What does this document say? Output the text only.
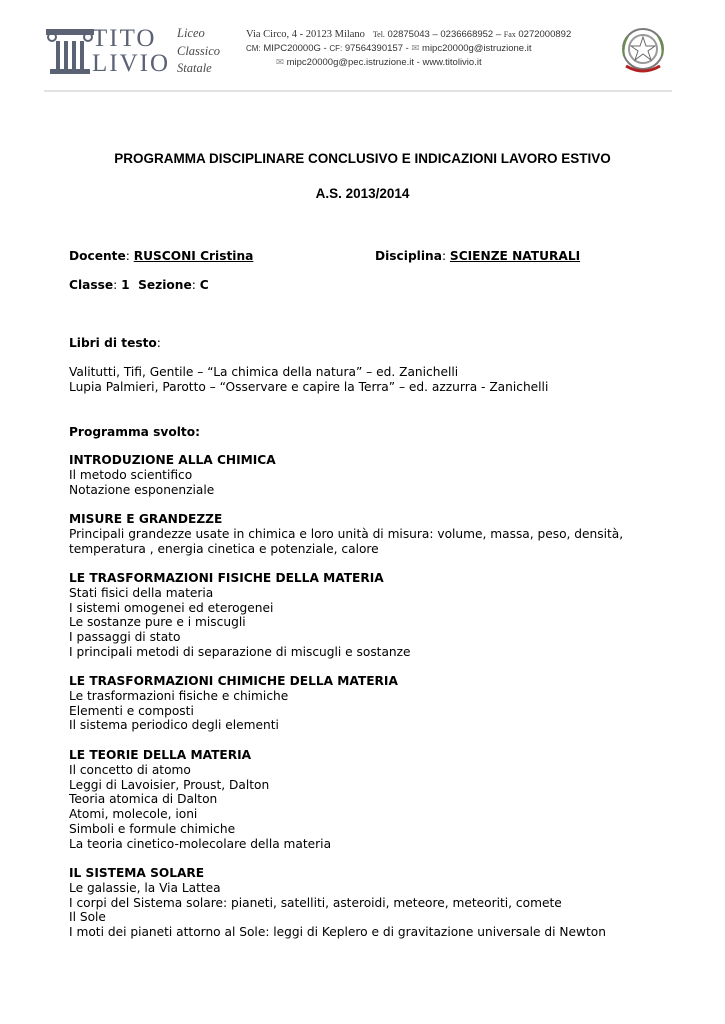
TITO
LIVIO
Liceo
Classico
Statale
Via Circo, 4 - 20123 Milano Tel. 02875043 – 0236668952 – Fax 0272000892
CM: MIPC20000G - CF: 97564390157 - ✉ mipc20000g@istruzione.it
✉ mipc20000g@pec.istruzione.it - www.titolivio.it
PROGRAMMA DISCIPLINARE CONCLUSIVO E INDICAZIONI LAVORO ESTIVO
A.S. 2013/2014
Docente: RUSCONI Cristina	Disciplina: SCIENZE NATURALI
Classe: 1 Sezione: C
Libri di testo:
Valitutti, Tifi, Gentile – “La chimica della natura” – ed. Zanichelli
Lupia Palmieri, Parotto – “Osservare e capire la Terra” – ed. azzurra - Zanichelli
Programma svolto:
INTRODUZIONE ALLA CHIMICA
Il metodo scientifico
Notazione esponenziale
MISURE E GRANDEZZE
Principali grandezze usate in chimica e loro unità di misura: volume, massa, peso, densità,
temperatura , energia cinetica e potenziale, calore
LE TRASFORMAZIONI FISICHE DELLA MATERIA
Stati fisici della materia
I sistemi omogenei ed eterogenei
Le sostanze pure e i miscugli
I passaggi di stato
I principali metodi di separazione di miscugli e sostanze
LE TRASFORMAZIONI CHIMICHE DELLA MATERIA
Le trasformazioni fisiche e chimiche
Elementi e composti
Il sistema periodico degli elementi
LE TEORIE DELLA MATERIA
Il concetto di atomo
Leggi di Lavoisier, Proust, Dalton
Teoria atomica di Dalton
Atomi, molecole, ioni
Simboli e formule chimiche
La teoria cinetico-molecolare della materia
IL SISTEMA SOLARE
Le galassie, la Via Lattea
I corpi del Sistema solare: pianeti, satelliti, asteroidi, meteore, meteoriti, comete
Il Sole
I moti dei pianeti attorno al Sole: leggi di Keplero e di gravitazione universale di Newton
